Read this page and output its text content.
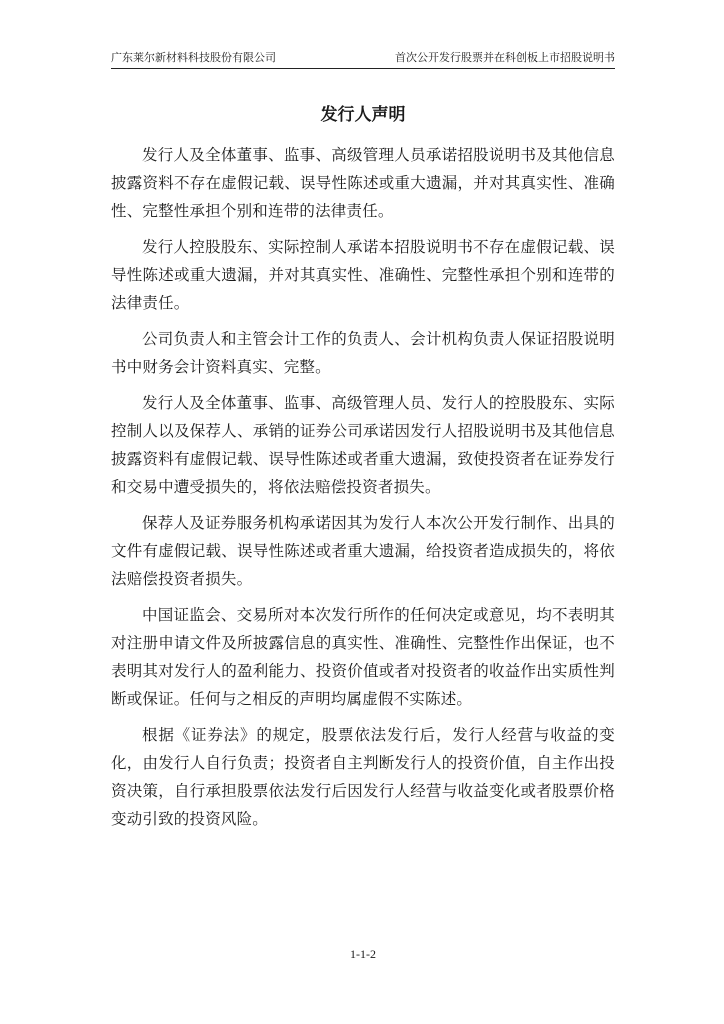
广东莱尔新材料科技股份有限公司	首次公开发行股票并在科创板上市招股说明书
发行人声明

发行人及全体董事、监事、高级管理人员承诺招股说明书及其他信息披露资料不存在虚假记载、误导性陈述或重大遗漏，并对其真实性、准确性、完整性承担个别和连带的法律责任。

发行人控股股东、实际控制人承诺本招股说明书不存在虚假记载、误导性陈述或重大遗漏，并对其真实性、准确性、完整性承担个别和连带的法律责任。

公司负责人和主管会计工作的负责人、会计机构负责人保证招股说明书中财务会计资料真实、完整。

发行人及全体董事、监事、高级管理人员、发行人的控股股东、实际控制人以及保荐人、承销的证券公司承诺因发行人招股说明书及其他信息披露资料有虚假记载、误导性陈述或者重大遗漏，致使投资者在证券发行和交易中遭受损失的，将依法赔偿投资者损失。

保荐人及证券服务机构承诺因其为发行人本次公开发行制作、出具的文件有虚假记载、误导性陈述或者重大遗漏，给投资者造成损失的，将依法赔偿投资者损失。

中国证监会、交易所对本次发行所作的任何决定或意见，均不表明其对注册申请文件及所披露信息的真实性、准确性、完整性作出保证，也不表明其对发行人的盈利能力、投资价值或者对投资者的收益作出实质性判断或保证。任何与之相反的声明均属虚假不实陈述。

根据《证券法》的规定，股票依法发行后，发行人经营与收益的变化，由发行人自行负责；投资者自主判断发行人的投资价值，自主作出投资决策，自行承担股票依法发行后因发行人经营与收益变化或者股票价格变动引致的投资风险。

1-1-2
